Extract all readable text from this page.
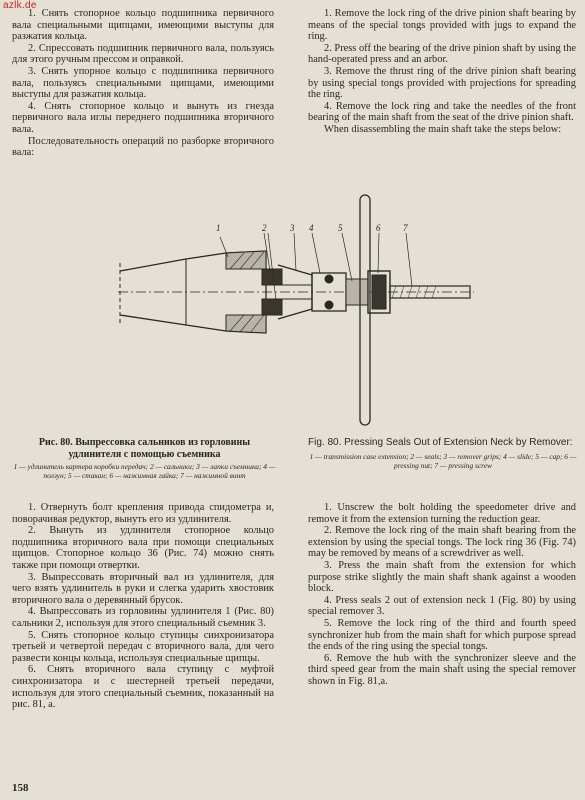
azlk.de

1. Снять стопорное кольцо подшипника первичного вала специальными щипцами, имеющими выступы для разжатия кольца.

2. Спрессовать подшипник первичного вала, пользуясь для этого ручным прессом и оправкой.

3. Снять упорное кольцо с подшипника первичного вала, пользуясь специальными щипцами, имеющими выступы для разжатия кольца.

4. Снять стопорное кольцо и вынуть из гнезда первичного вала иглы переднего подшипника вторичного вала.

Последовательность операций по разборке вторичного вала:

1. Remove the lock ring of the drive pinion shaft bearing by means of the special tongs provided with jugs to expand the ring.

2. Press off the bearing of the drive pinion shaft by using the hand-operated press and an arbor.

3. Remove the thrust ring of the drive pinion shaft bearing by using special tongs provided with projections for spreading the ring.

4. Remove the lock ring and take the needles of the front bearing of the main shaft from the seat of the drive pinion shaft.

When disassembling the main shaft take the steps below:

1	2	3 4	5	6	7
Рис. 80. Выпрессовка сальников из горловины удлинителя с помощью съемника
1 — удлинитель картера коробки передач; 2 — сальники; 3 — лапки съемника; 4 — ползун; 5 — стакан; 6 — нажимная гайка; 7 — нажимной винт
Fig. 80. Pressing Seals Out of Extension Neck by Remover:
1 — transmission case extension; 2 — seals; 3 — remover grips; 4 — slide; 5 — cap; 6 — pressing nut; 7 — pressing screw

1. Отвернуть болт крепления привода спидометра и, поворачивая редуктор, вынуть его из удлинителя.

2. Вынуть из удлинителя стопорное кольцо подшипника вторичного вала при помощи специальных щипцов. Стопорное кольцо 36 (Рис. 74) можно снять также при помощи отвертки.

3. Выпрессовать вторичный вал из удлинителя, для чего взять удлинитель в руки и слегка ударить хвостовик вторичного вала о деревянный брусок.

4. Выпрессовать из горловины удлинителя 1 (Рис. 80) сальники 2, используя для этого специальный съемник 3.

5. Снять стопорное кольцо ступицы синхронизатора третьей и четвертой передач с вторичного вала, для чего развести концы кольца, используя специальные щипцы.

6. Снять вторичного вала ступицу с муфтой синхронизатора и с шестерней третьей передачи, используя для этого специальный съемник, показанный на рис. 81, а.

1. Unscrew the bolt holding the speedometer drive and remove it from the extension turning the reduction gear.

2. Remove the lock ring of the main shaft bearing from the extension by using the special tongs. The lock ring 36 (Fig. 74) may be removed by means of a screwdriver as well.

3. Press the main shaft from the extension for which purpose strike slightly the main shaft shank against a wooden block.

4. Press seals 2 out of extension neck 1 (Fig. 80) by using special remover 3.

5. Remove the lock ring of the third and fourth speed synchronizer hub from the main shaft for which purpose spread the ends of the ring using the special tongs.

6. Remove the hub with the synchronizer sleeve and the third speed gear from the main shaft using the special remover shown in Fig. 81,a.

158
